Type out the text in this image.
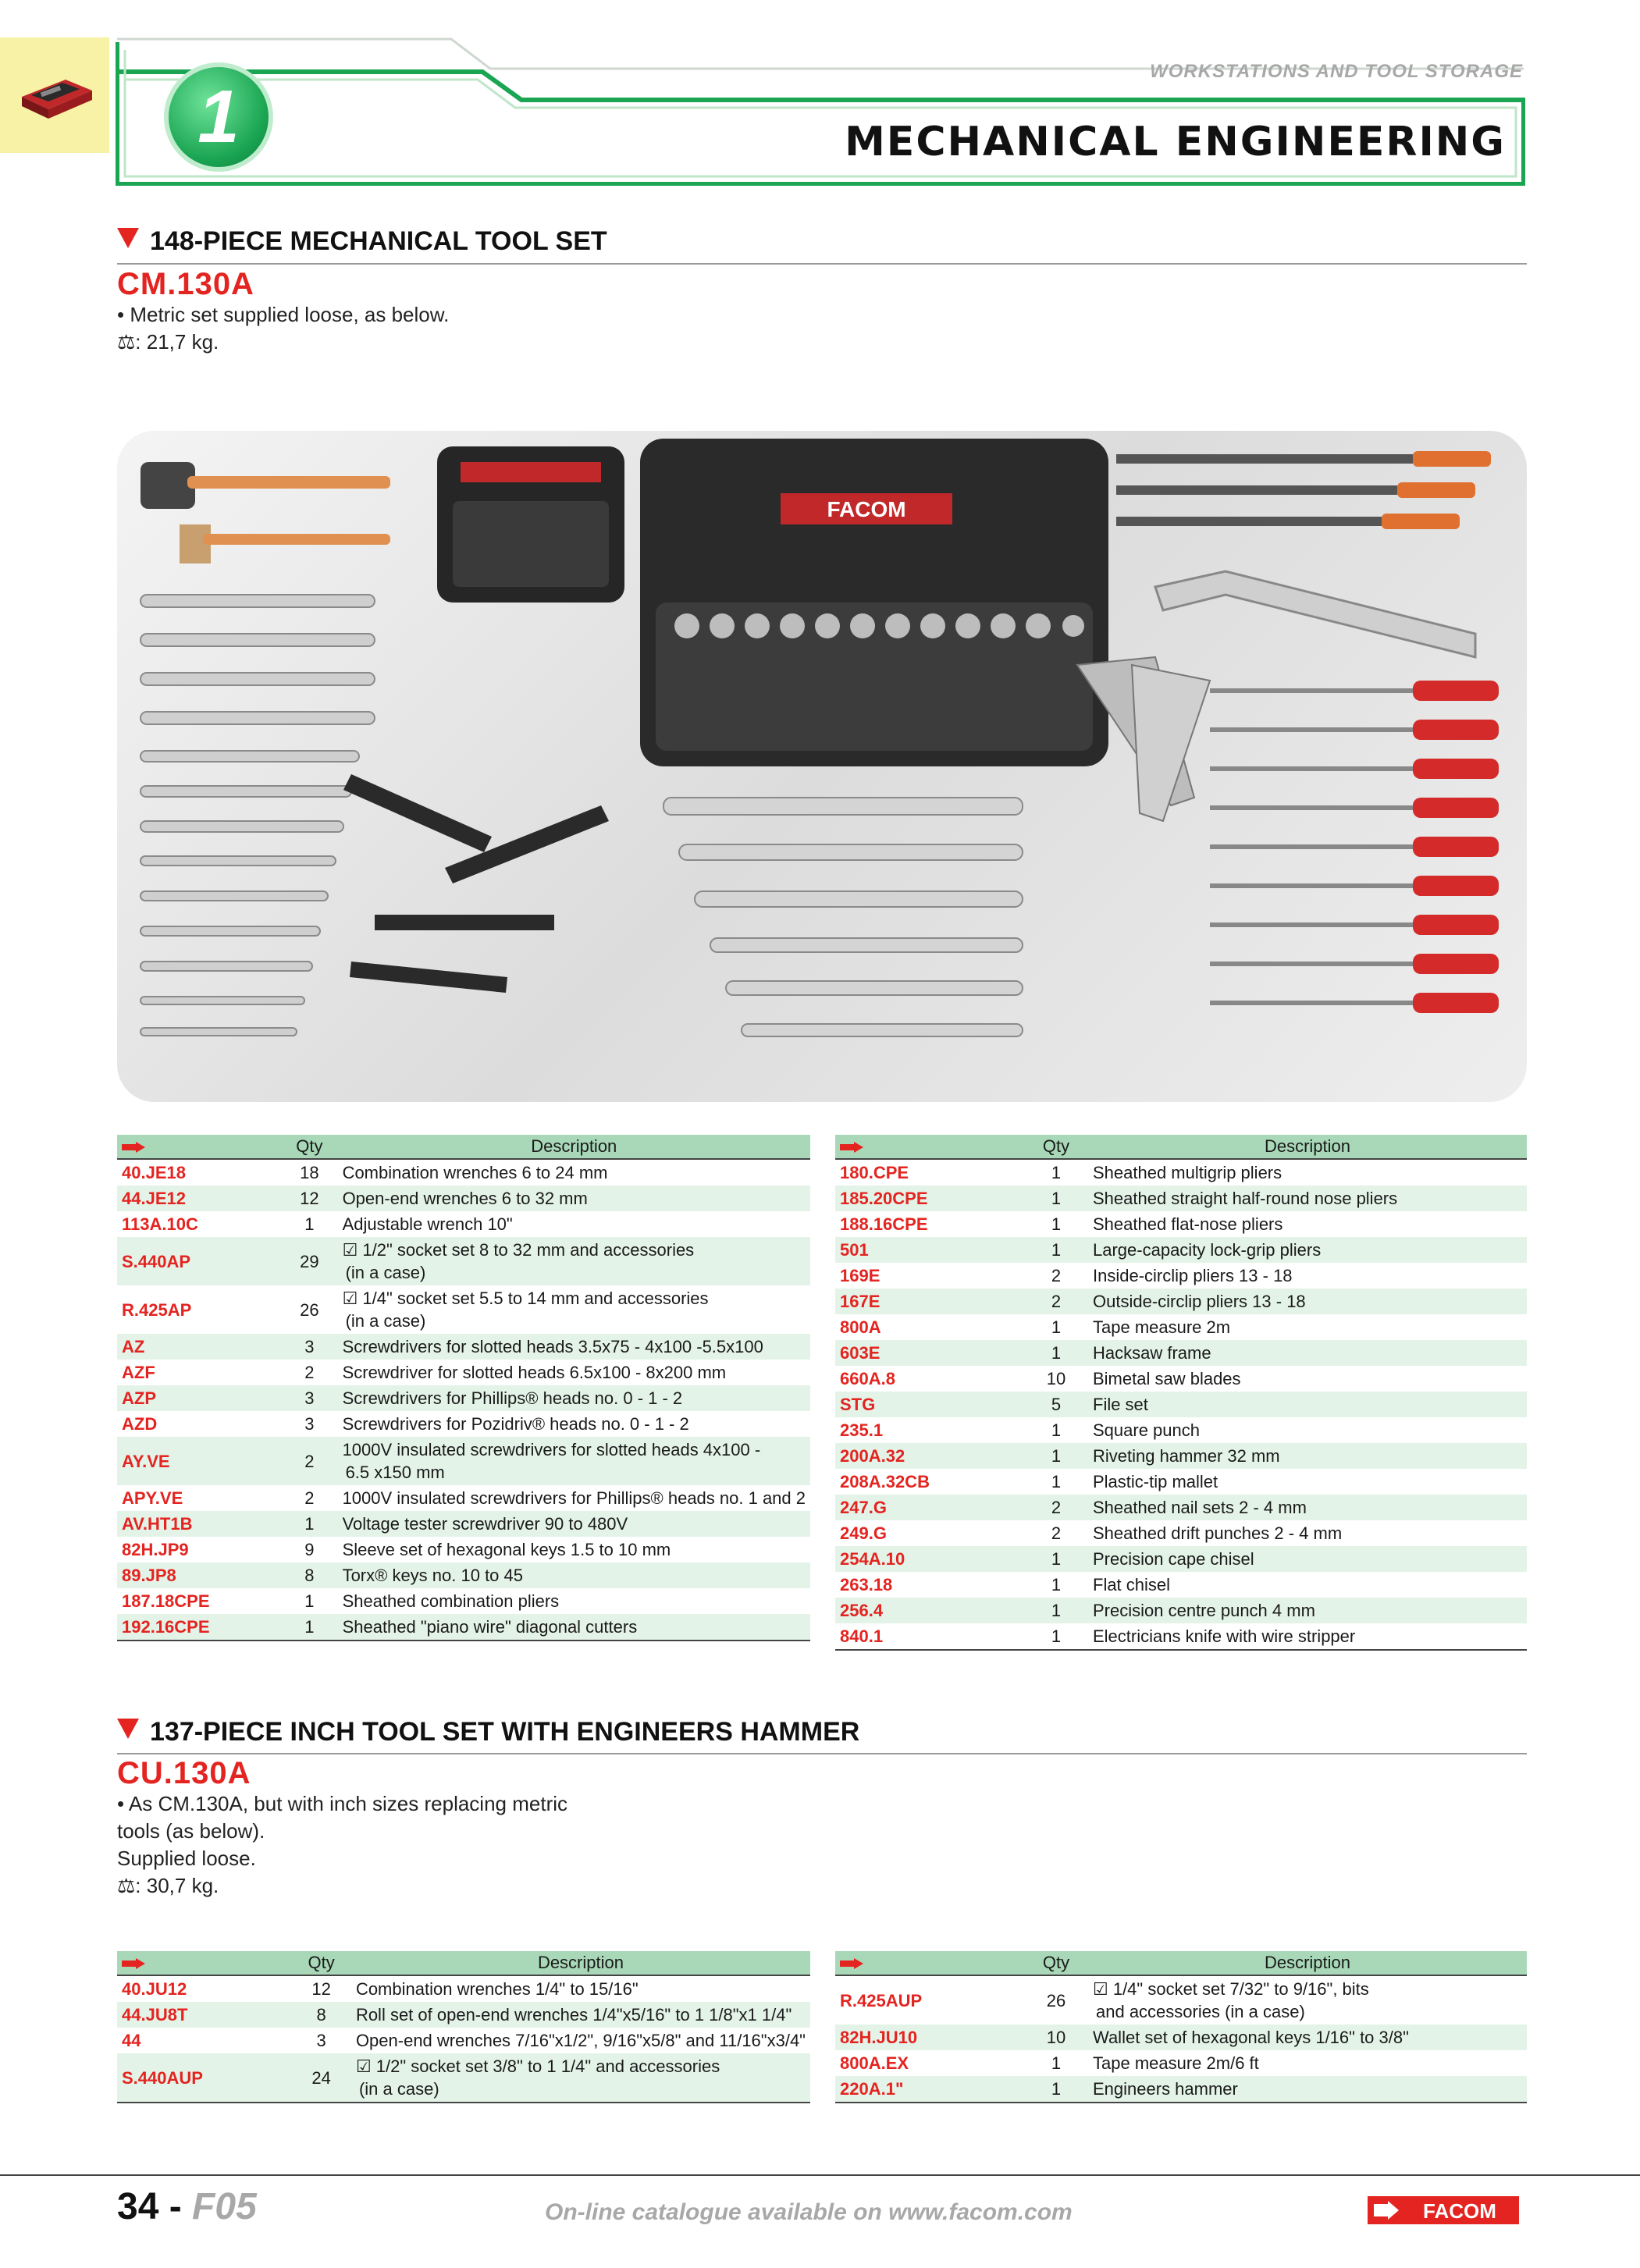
1
WORKSTATIONS AND TOOL STORAGE
MECHANICAL ENGINEERING
148-PIECE MECHANICAL TOOL SET
CM.130A
• Metric set supplied loose, as below.
⚖: 21,7 kg.
FACOM
	Qty	Description
40.JE18	18	Combination wrenches 6 to 24 mm

44.JE12	12	Open-end wrenches 6 to 32 mm

113A.10C	1	Adjustable wrench 10"

S.440AP	29	☑ 1/2" socket set 8 to 32 mm and accessories
(in a case)

R.425AP	26	☑ 1/4" socket set 5.5 to 14 mm and accessories
(in a case)

AZ	3	Screwdrivers for slotted heads 3.5x75 - 4x100 -5.5x100

AZF	2	Screwdriver for slotted heads 6.5x100 - 8x200 mm

AZP	3	Screwdrivers for Phillips® heads no. 0 - 1 - 2

AZD	3	Screwdrivers for Pozidriv® heads no. 0 - 1 - 2

AY.VE	2	1000V insulated screwdrivers for slotted heads 4x100 -
6.5 x150 mm

APY.VE	2	1000V insulated screwdrivers for Phillips® heads no. 1 and 2

AV.HT1B	1	Voltage tester screwdriver 90 to 480V

82H.JP9	9	Sleeve set of hexagonal keys 1.5 to 10 mm

89.JP8	8	Torx® keys no. 10 to 45

187.18CPE	1	Sheathed combination pliers

192.16CPE	1	Sheathed "piano wire" diagonal cutters
	Qty	Description
180.CPE	1	Sheathed multigrip pliers

185.20CPE	1	Sheathed straight half-round nose pliers

188.16CPE	1	Sheathed flat-nose pliers

501	1	Large-capacity lock-grip pliers

169E	2	Inside-circlip pliers 13 - 18

167E	2	Outside-circlip pliers 13 - 18

800A	1	Tape measure 2m

603E	1	Hacksaw frame

660A.8	10	Bimetal saw blades

STG	5	File set

235.1	1	Square punch

200A.32	1	Riveting hammer 32 mm

208A.32CB	1	Plastic-tip mallet

247.G	2	Sheathed nail sets 2 - 4 mm

249.G	2	Sheathed drift punches 2 - 4 mm

254A.10	1	Precision cape chisel

263.18	1	Flat chisel

256.4	1	Precision centre punch 4 mm

840.1	1	Electricians knife with wire stripper
137-PIECE INCH TOOL SET WITH ENGINEERS HAMMER
CU.130A
• As CM.130A, but with inch sizes replacing metric
tools (as below).
Supplied loose.
⚖: 30,7 kg.
	Qty	Description
40.JU12	12	Combination wrenches 1/4" to 15/16"

44.JU8T	8	Roll set of open-end wrenches 1/4"x5/16" to 1 1/8"x1 1/4"

44	3	Open-end wrenches 7/16"x1/2", 9/16"x5/8" and 11/16"x3/4"

S.440AUP	24	☑ 1/2" socket set 3/8" to 1 1/4" and accessories
(in a case)
	Qty	Description
R.425AUP	26	☑ 1/4" socket set 7/32" to 9/16", bits
and accessories (in a case)

82H.JU10	10	Wallet set of hexagonal keys 1/16" to 3/8"

800A.EX	1	Tape measure 2m/6 ft

220A.1"	1	Engineers hammer
34 - F05	On-line catalogue available on www.facom.com	FACOM
